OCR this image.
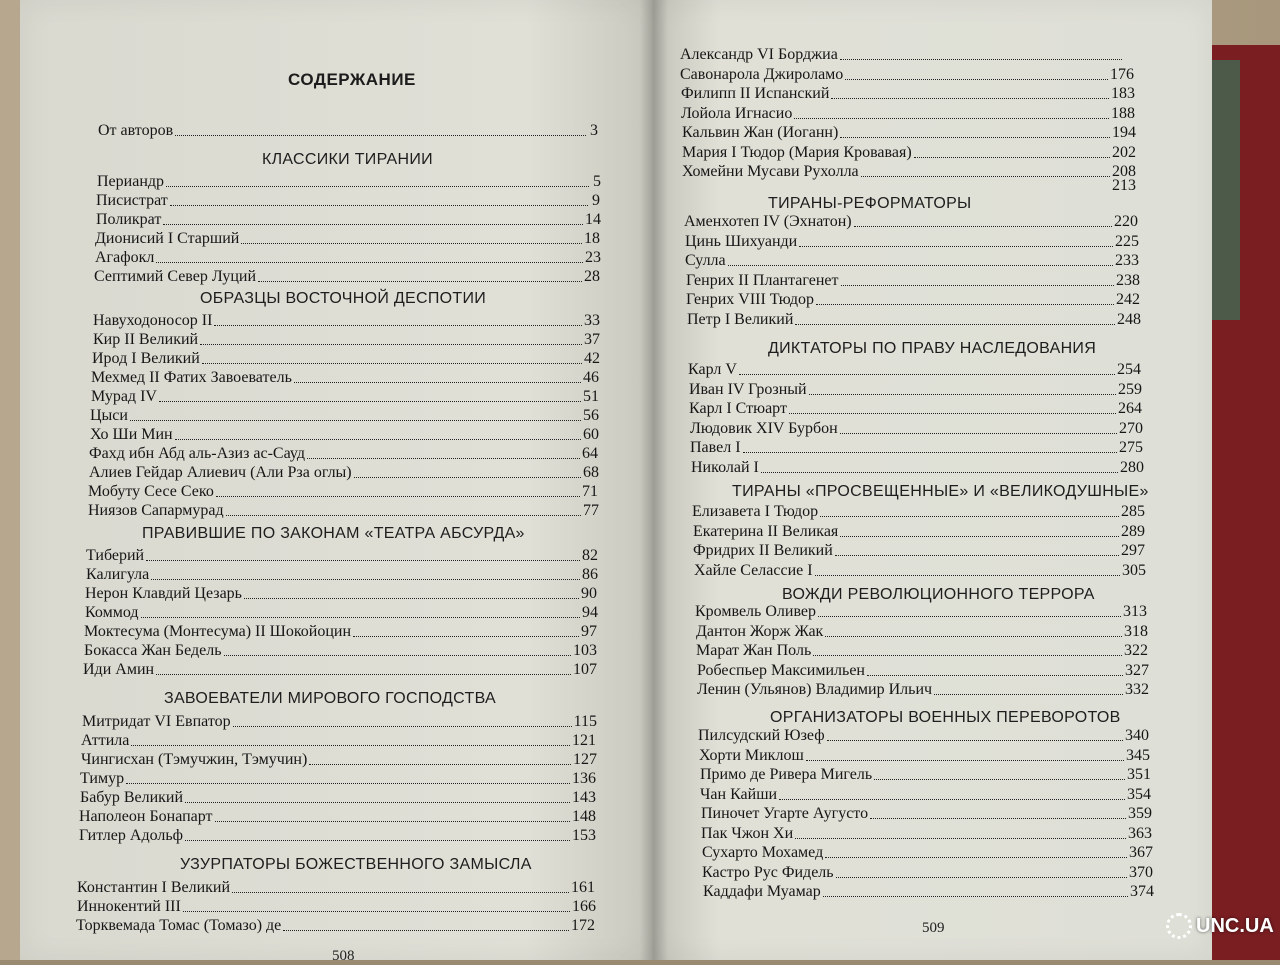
СОДЕРЖАНИЕ
От авторов	3
КЛАССИКИ ТИРАНИИ
Периандр	5
Писистрат	9
Поликрат	14
Дионисий I Старший	18
Агафокл	23
Септимий Север Луций	28
ОБРАЗЦЫ ВОСТОЧНОЙ ДЕСПОТИИ
Навуходоносор II	33
Кир II Великий	37
Ирод I Великий	42
Мехмед II Фатих Завоеватель	46
Мурад IV	51
Цыси	56
Хо Ши Мин	60
Фахд ибн Абд аль-Азиз ас-Сауд	64
Алиев Гейдар Алиевич (Али Рза оглы)	68
Мобуту Сесе Секо	71
Ниязов Сапармурад	77
ПРАВИВШИЕ ПО ЗАКОНАМ «ТЕАТРА АБСУРДА»
Тиберий	82
Калигула	86
Нерон Клавдий Цезарь	90
Коммод	94
Моктесума (Монтесума) II Шокойоцин	97
Бокасса Жан Бедель	103
Иди Амин	107
ЗАВОЕВАТЕЛИ МИРОВОГО ГОСПОДСТВА
Митридат VI Евпатор	115
Аттила	121
Чингисхан (Тэмучжин, Тэмучин)	127
Тимур	136
Бабур Великий	143
Наполеон Бонапарт	148
Гитлер Адольф	153
УЗУРПАТОРЫ БОЖЕСТВЕННОГО ЗАМЫСЛА
Константин I Великий	161
Иннокентий III	166
Торквемада Томас (Томазо) де	172
Александр VI Борджиа
Савонарола Джироламо	176
Филипп II Испанский	183
Лойола Игнасио	188
Кальвин Жан (Иоганн)	194
Мария I Тюдор (Мария Кровавая)	202
Хомейни Мусави Рухолла	208
213
ТИРАНЫ-РЕФОРМАТОРЫ
Аменхотеп IV (Эхнатон)	220
Цинь Шихуанди	225
Сулла	233
Генрих II Плантагенет	238
Генрих VIII Тюдор	242
Петр I Великий	248
ДИКТАТОРЫ ПО ПРАВУ НАСЛЕДОВАНИЯ
Карл V	254
Иван IV Грозный	259
Карл I Стюарт	264
Людовик XIV Бурбон	270
Павел I	275
Николай I	280
ТИРАНЫ «ПРОСВЕЩЕННЫЕ» И «ВЕЛИКОДУШНЫЕ»
Елизавета I Тюдор	285
Екатерина II Великая	289
Фридрих II Великий	297
Хайле Селассие I	305
ВОЖДИ РЕВОЛЮЦИОННОГО ТЕРРОРА
Кромвель Оливер	313
Дантон Жорж Жак	318
Марат Жан Поль	322
Робеспьер Максимильен	327
Ленин (Ульянов) Владимир Ильич	332
ОРГАНИЗАТОРЫ ВОЕННЫХ ПЕРЕВОРОТОВ
Пилсудский Юзеф	340
Хорти Миклош	345
Примо де Ривера Мигель	351
Чан Кайши	354
Пиночет Угарте Аугусто	359
Пак Чжон Хи	363
Сухарто Мохамед	367
Кастро Рус Фидель	370
Каддафи Муамар	374
508
509	UNC.UA
